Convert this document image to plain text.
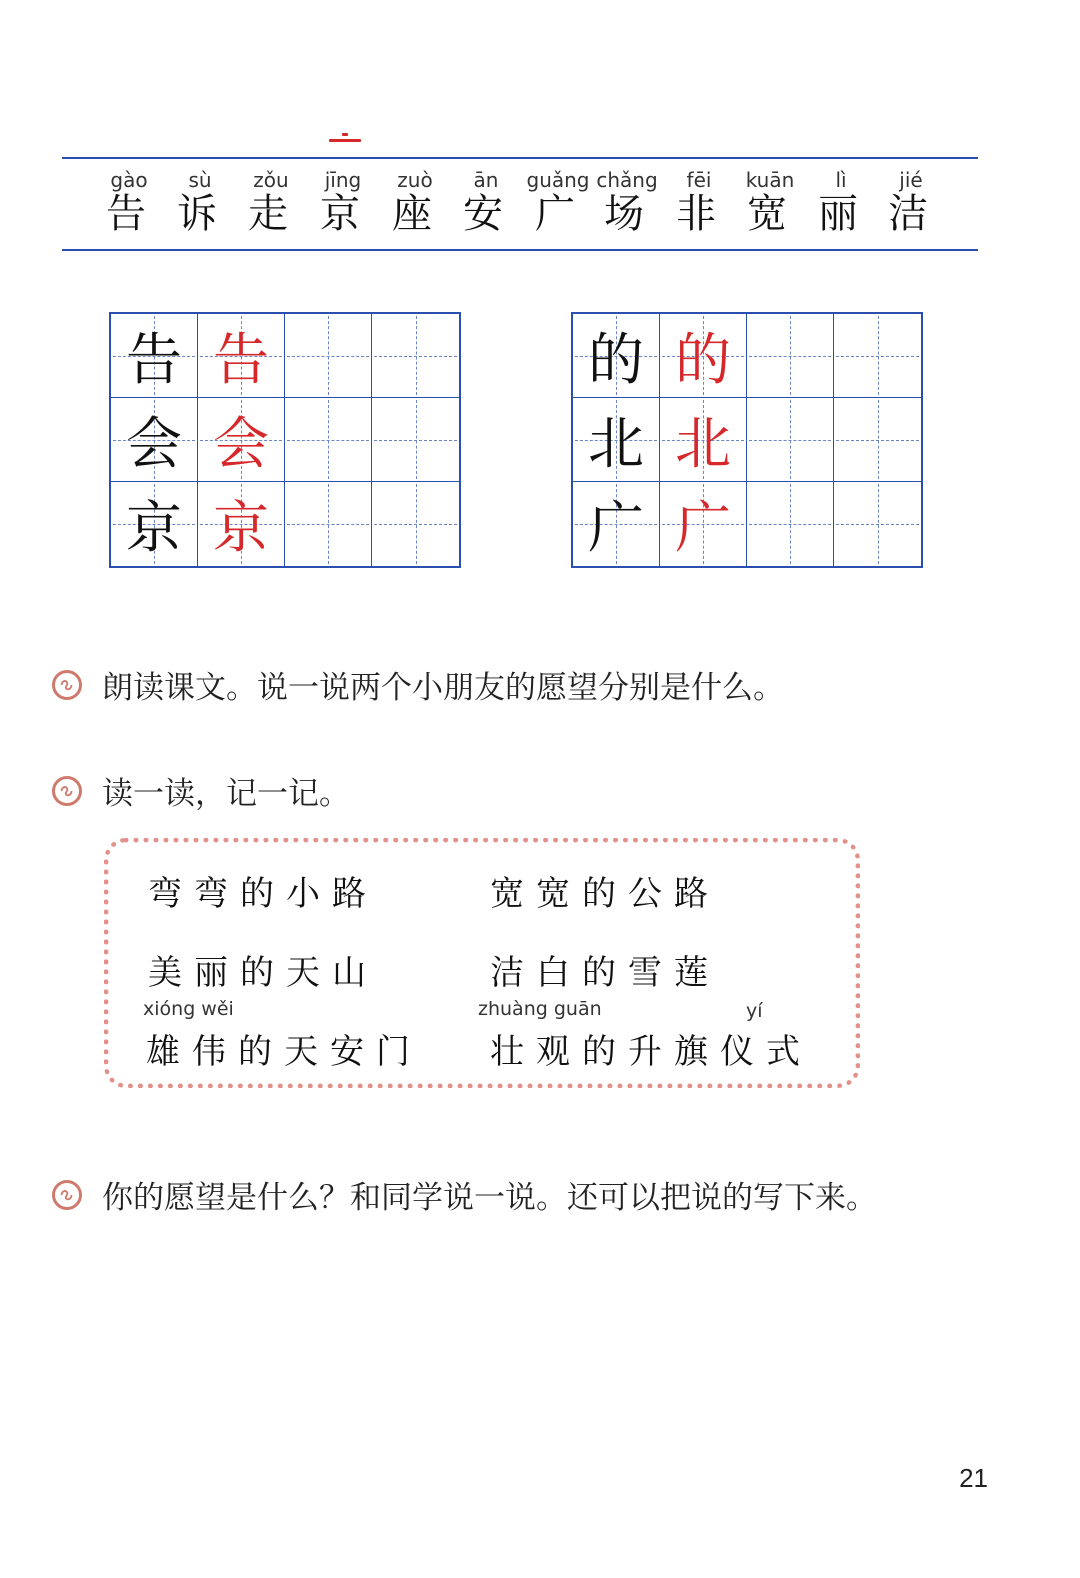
gào
告
sù
诉
zǒu
走
jīng
京
zuò
座
ān
安
guǎng
广
chǎng
场
fēi
非
kuān
宽
lì
丽
jié
洁
告 告
会 会
京 京
的 的
北 北
广 广
朗读课文。说一说两个小朋友的愿望分别是什么。
读一读，记一记。
弯弯的小路	宽宽的公路
美丽的天山	洁白的雪莲
xióng wěi	zhuàng guān	yí
雄伟的天安门 壮观的升旗仪式
你的愿望是什么？和同学说一说。还可以把说的写下来。
21
